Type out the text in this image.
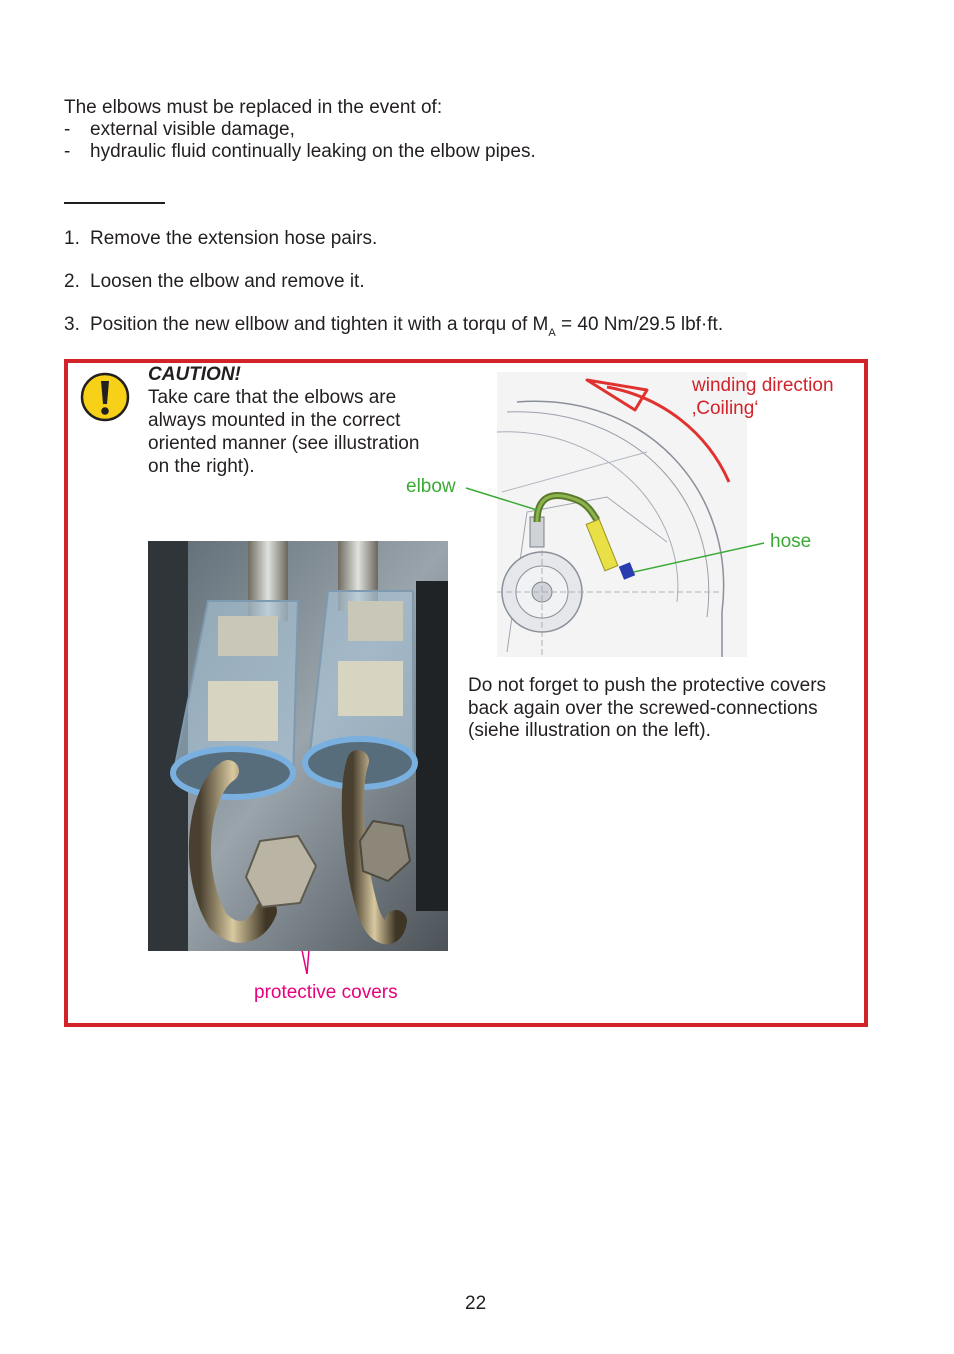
The elbows must be replaced in the event of:
- external visible damage,
- hydraulic fluid continually leaking on the elbow pipes.
1. Remove the extension hose pairs.
2. Loosen the elbow and remove it.
3. Position the new ellbow and tighten it with a torqu of $M_A = 40$ Nm/29.5 lbf·ft.
CAUTION!
Take care that the elbows are
always mounted in the correct
oriented manner (see illustration
on the right).
winding direction
‚Coiling‘
elbow
hose
protective covers
Do not forget to push the protective covers
back again over the screwed-connections
(siehe illustration on the left).
22
